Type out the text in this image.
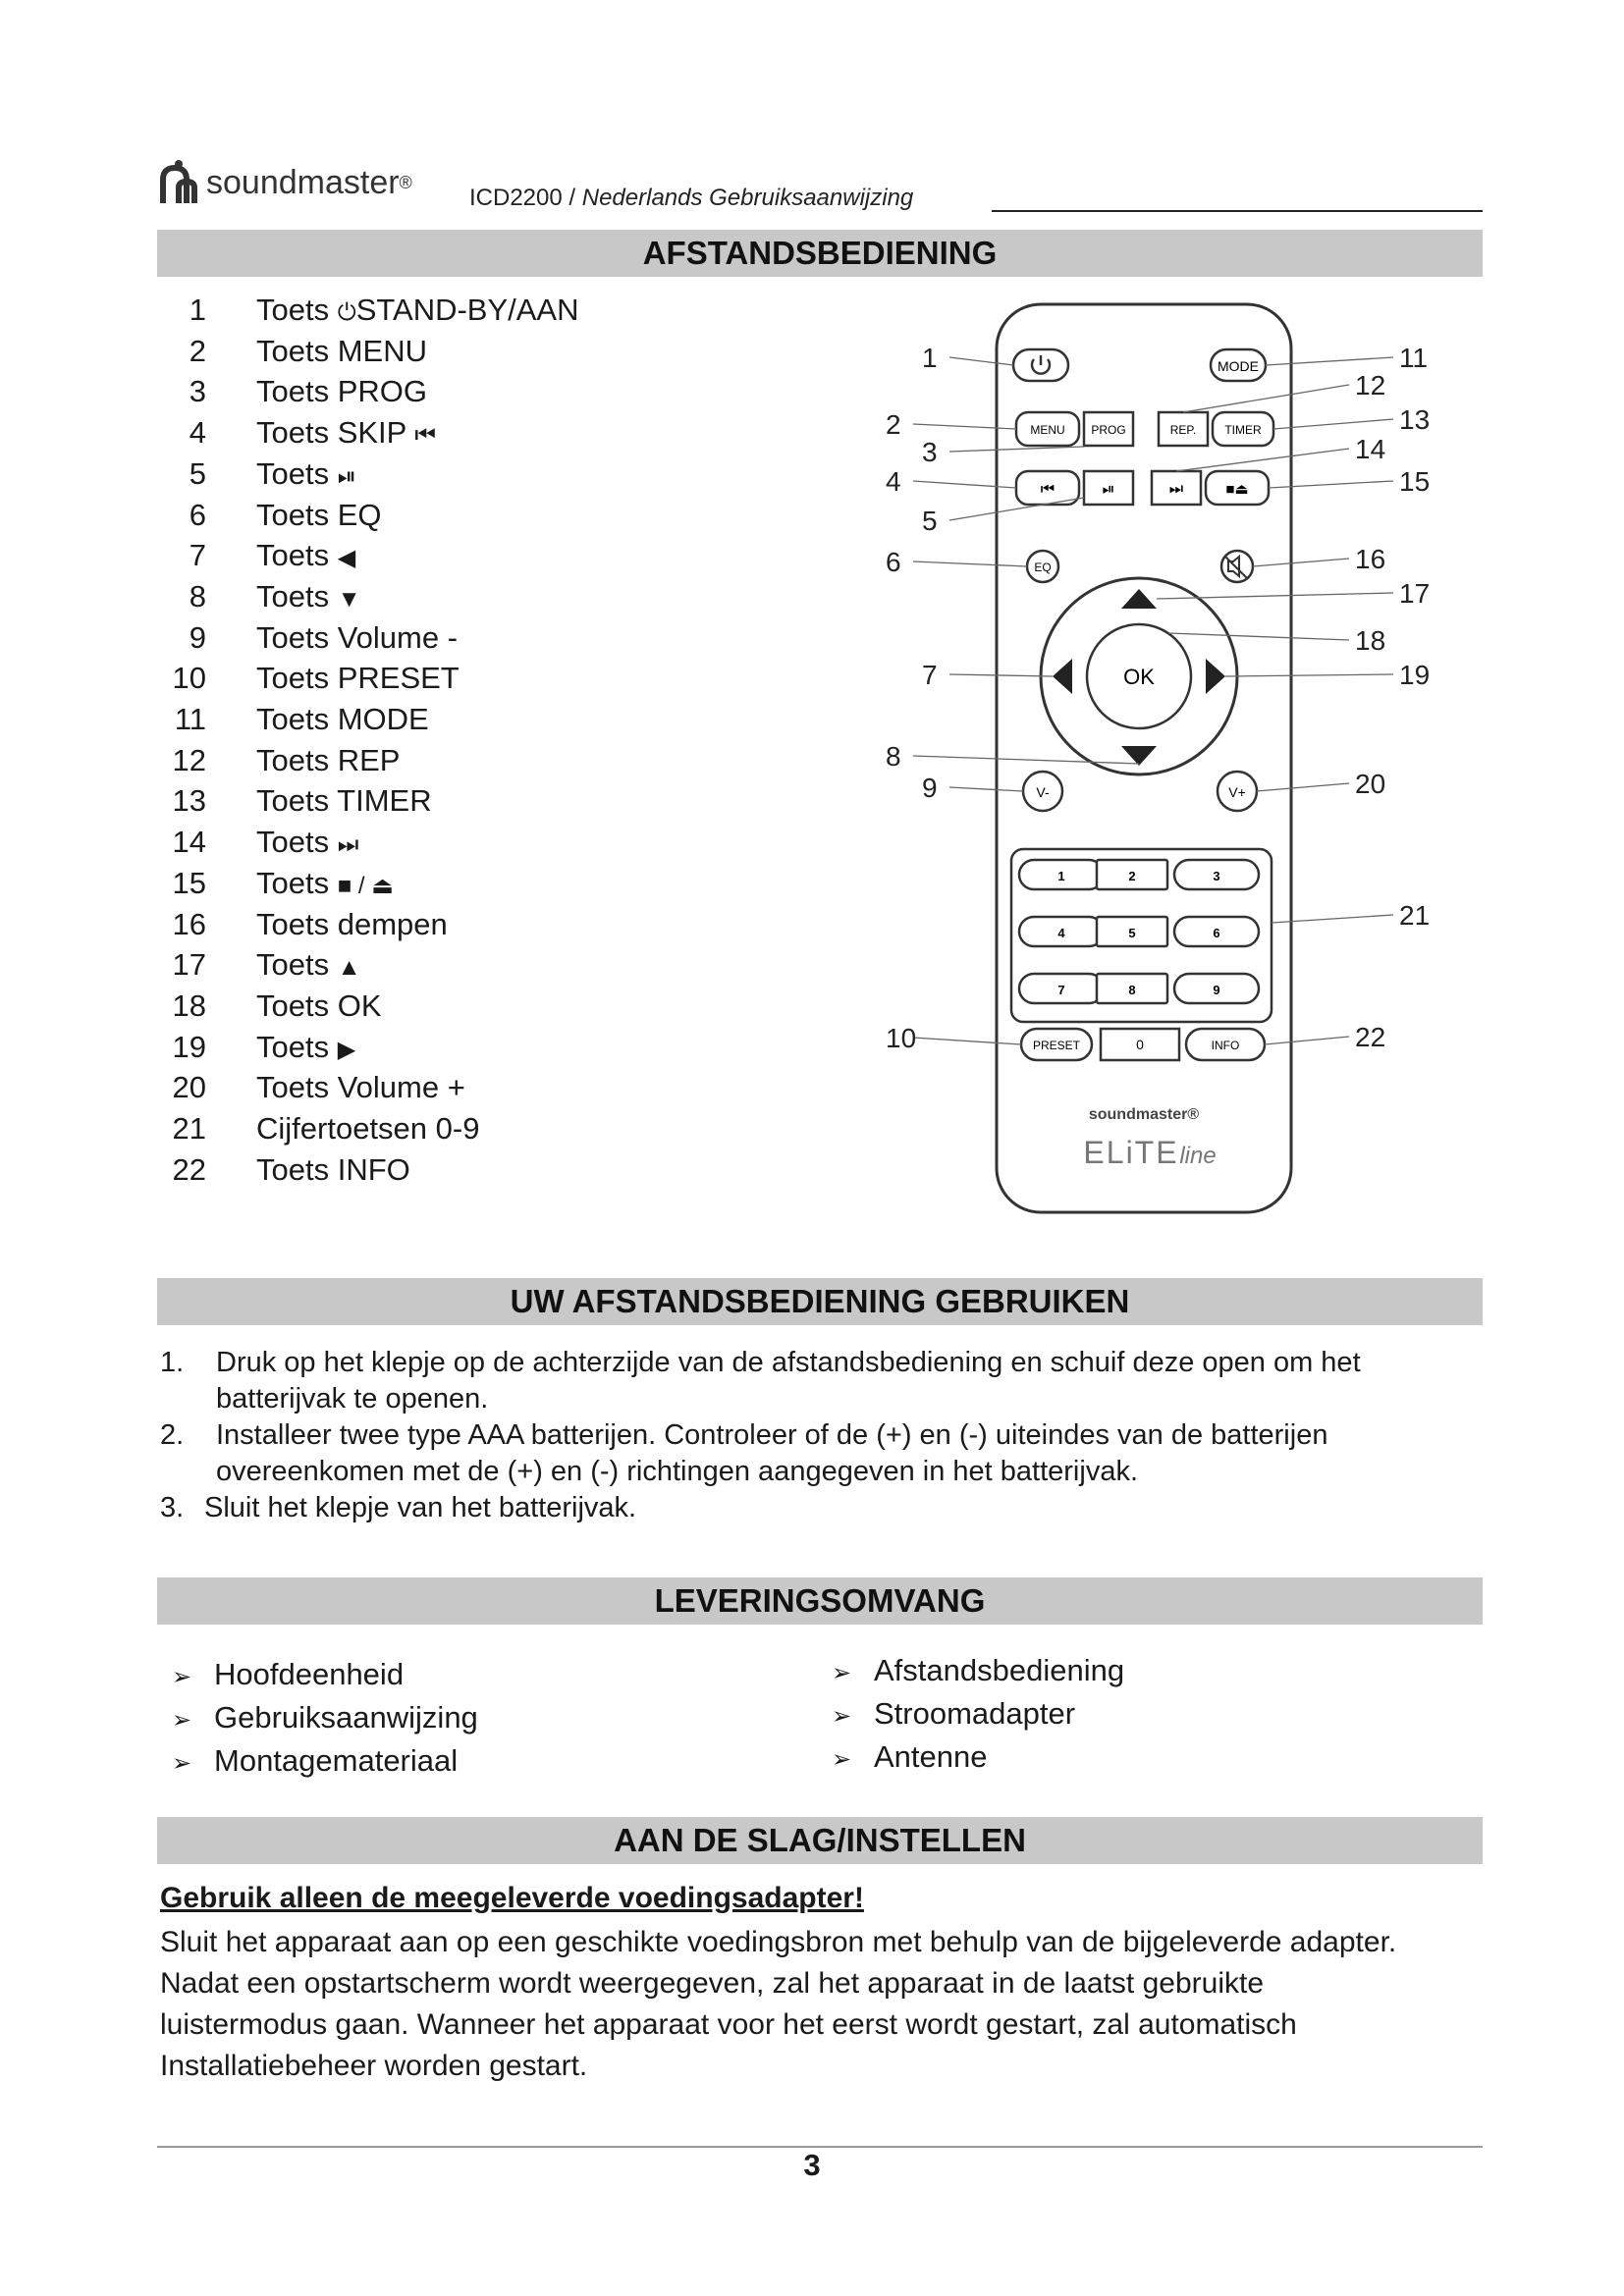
soundmaster ®
ICD2200 / Nederlands Gebruiksaanwijzing
AFSTANDSBEDIENING
1 Toets ⏻STAND-BY/AAN
2 Toets MENU
3 Toets PROG
4 Toets SKIP ⏮
5 Toets ⏯
6 Toets EQ
7 Toets ◀
8 Toets ▼
9 Toets Volume -
10 Toets PRESET
11 Toets MODE
12 Toets REP
13 Toets TIMER
14 Toets ⏭
15 Toets ■ / ⏏
16 Toets dempen
17 Toets ▲
18 Toets OK
19 Toets ▶
20 Toets Volume +
21 Cijfertoetsen 0-9
22 Toets INFO
MODE
MENU PROG	REP. TIMER
⏮	⏯	⏭	■⏏
EQ
OK
V-	V+
1	2	3
4	5	6
7	8	9
PRESET	0	INFO
soundmaster®
ELiTE line
1
2
3
4
5
6
7
8
9
10
11
12
13
14
15
16
17
18
19
20
21
22
UW AFSTANDSBEDIENING GEBRUIKEN
1. Druk op het klepje op de achterzijde van de afstandsbediening en schuif deze open om het batterijvak te openen.
2. Installeer twee type AAA batterijen. Controleer of de (+) en (-) uiteindes van de batterijen overeenkomen met de (+) en (-) richtingen aangegeven in het batterijvak.
3. Sluit het klepje van het batterijvak.
LEVERINGSOMVANG
➢ Hoofdeenheid
➢ Gebruiksaanwijzing
➢ Montagemateriaal
➢ Afstandsbediening
➢ Stroomadapter
➢ Antenne
AAN DE SLAG/INSTELLEN
Gebruik alleen de meegeleverde voedingsadapter!

Sluit het apparaat aan op een geschikte voedingsbron met behulp van de bijgeleverde adapter.

Nadat een opstartscherm wordt weergegeven, zal het apparaat in de laatst gebruikte

luistermodus gaan. Wanneer het apparaat voor het eerst wordt gestart, zal automatisch

Installatiebeheer worden gestart.

3
